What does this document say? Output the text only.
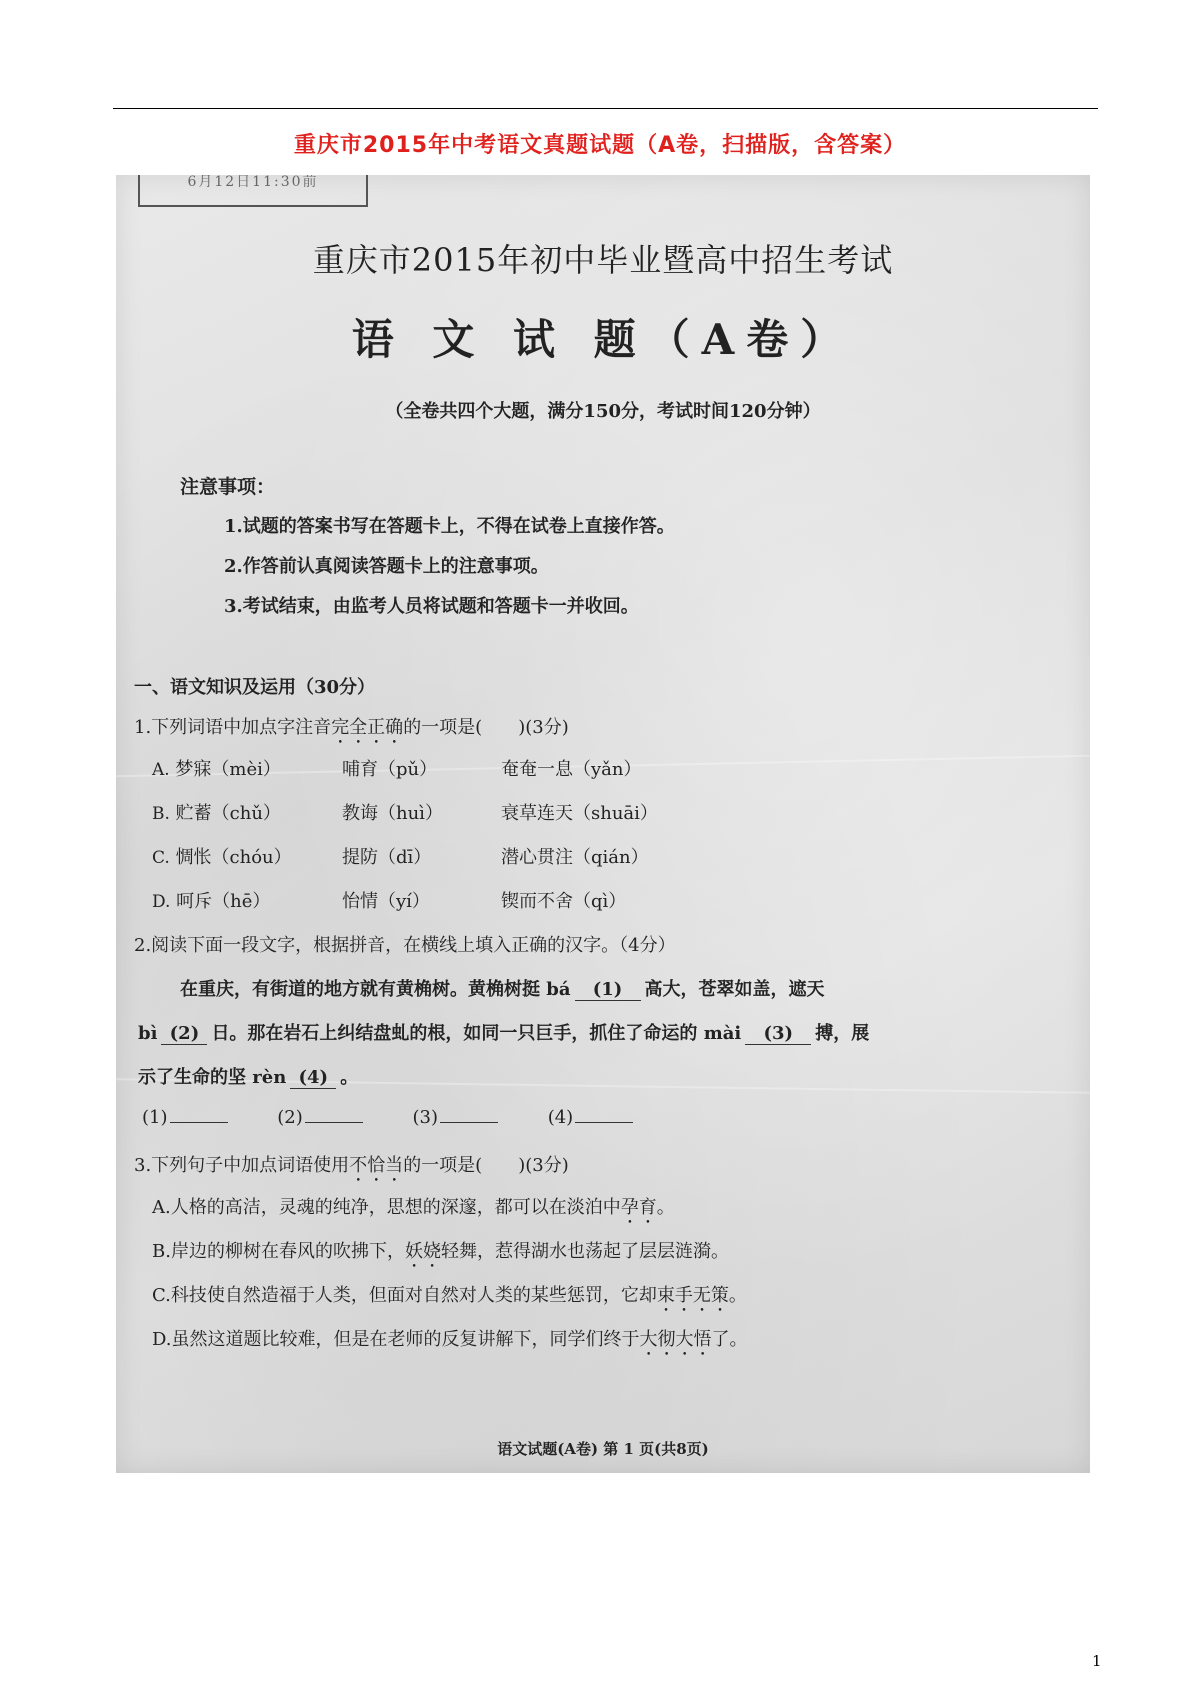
重庆市2015年中考语文真题试题（A卷，扫描版，含答案）
6月12日11:30前
重庆市2015年初中毕业暨高中招生考试
语 文 试 题（A卷）
（全卷共四个大题，满分150分，考试时间120分钟）
注意事项：
1.试题的答案书写在答题卡上，不得在试卷上直接作答。
2.作答前认真阅读答题卡上的注意事项。
3.考试结束，由监考人员将试题和答题卡一并收回。
一、语文知识及运用（30分）
1.下列词语中加点字注音完全正确的一项是(　　)(3分)
A. 梦寐（mèi）	哺育（pǔ）	奄奄一息（yǎn）
B. 贮蓄（chǔ）	教诲（huì）	衰草连天（shuāi）
C. 惆怅（chóu）	提防（dī）	潜心贯注（qián）
D. 呵斥（hē）	怡情（yí）	锲而不舍（qì）
2.阅读下面一段文字，根据拼音，在横线上填入正确的汉字。（4分）
在重庆，有街道的地方就有黄桷树。黄桷树挺 bá (1) 高大，苍翠如盖，遮天
bì (2) 日。那在岩石上纠结盘虬的根，如同一只巨手，抓住了命运的 mài (3) 搏，展
示了生命的坚 rèn (4) 。
(1)	(2)	(3)	(4)
3.下列句子中加点词语使用不恰当的一项是(　　)(3分)
A.人格的高洁，灵魂的纯净，思想的深邃，都可以在淡泊中孕育。
B.岸边的柳树在春风的吹拂下，妖娆轻舞，惹得湖水也荡起了层层涟漪。
C.科技使自然造福于人类，但面对自然对人类的某些惩罚，它却束手无策。
D.虽然这道题比较难，但是在老师的反复讲解下，同学们终于大彻大悟了。
语文试题(A卷) 第 1 页(共8页)
1
